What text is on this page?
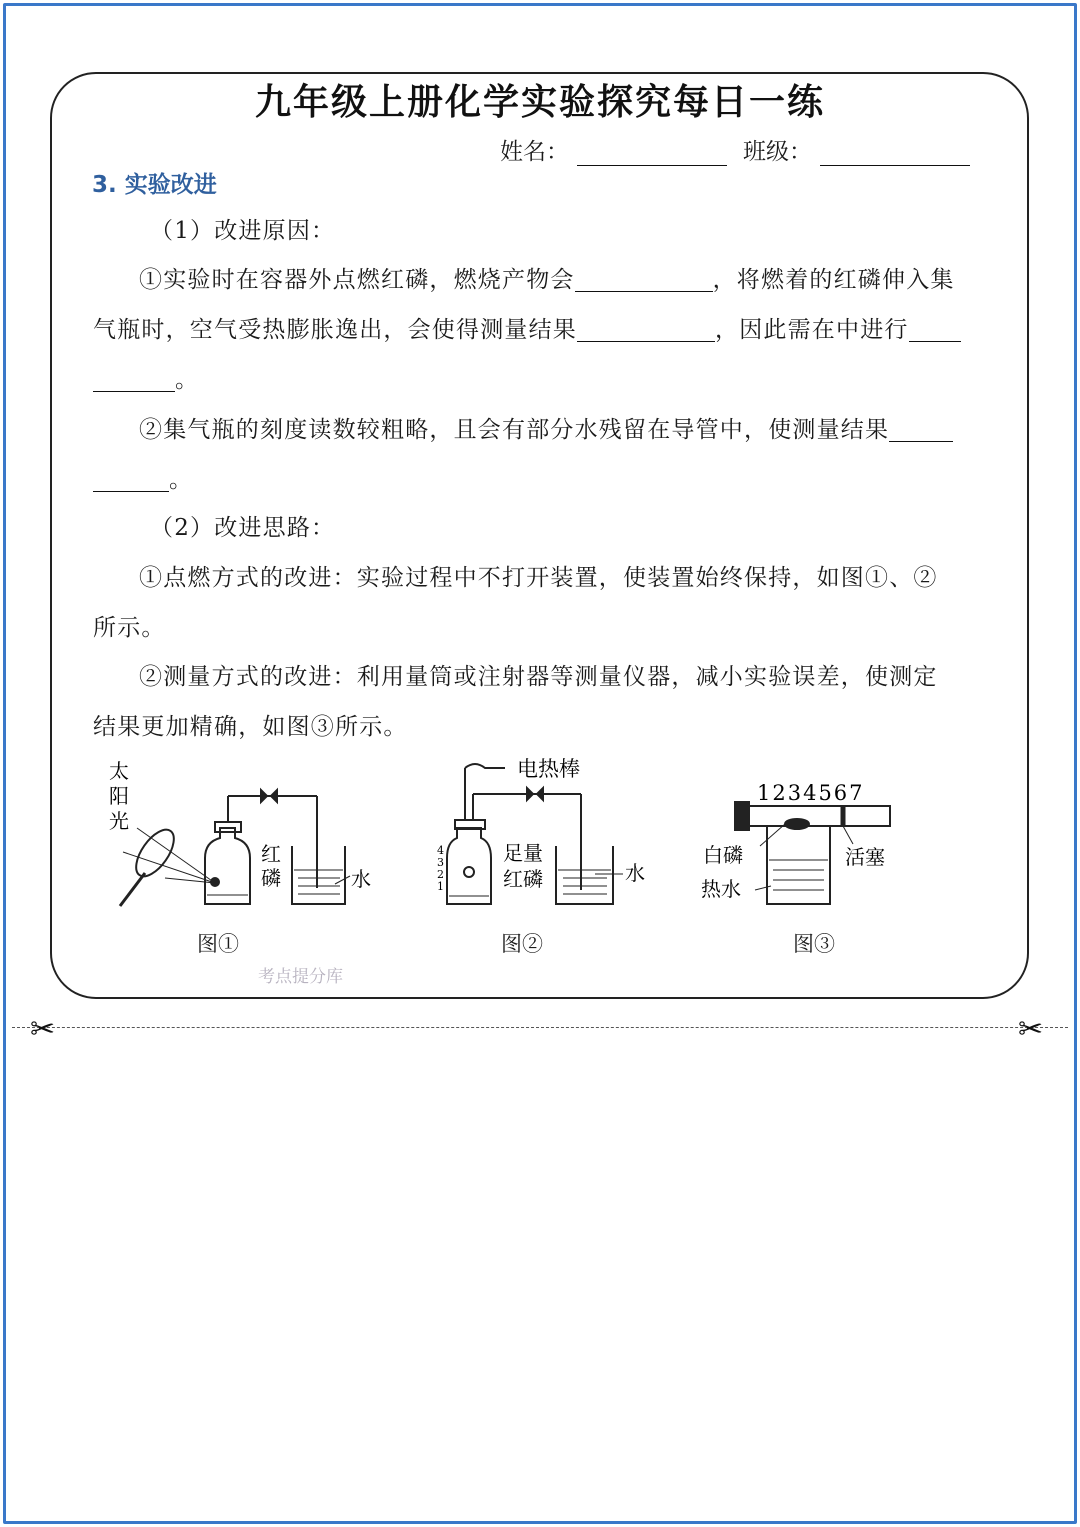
九年级上册化学实验探究每日一练
姓名：	班级：
3. 实验改进
（1）改进原因：
①实验时在容器外点燃红磷，燃烧产物会	，将燃着的红磷伸入集
气瓶时，空气受热膨胀逸出，会使得测量结果	，因此需在中进行
。
②集气瓶的刻度读数较粗略，且会有部分水残留在导管中，使测量结果
。
（2）改进思路：
①点燃方式的改进：实验过程中不打开装置，使装置始终保持，如图①、②
所示。
②测量方式的改进：利用量筒或注射器等测量仪器，减小实验误差，使测定
结果更加精确，如图③所示。
太
阳
光
红
磷	水
电热棒
足量
红磷	水
4
3
2
1
1234567
白磷
热水
活塞
图①	图②	图③
考点提分库
✂	✂
